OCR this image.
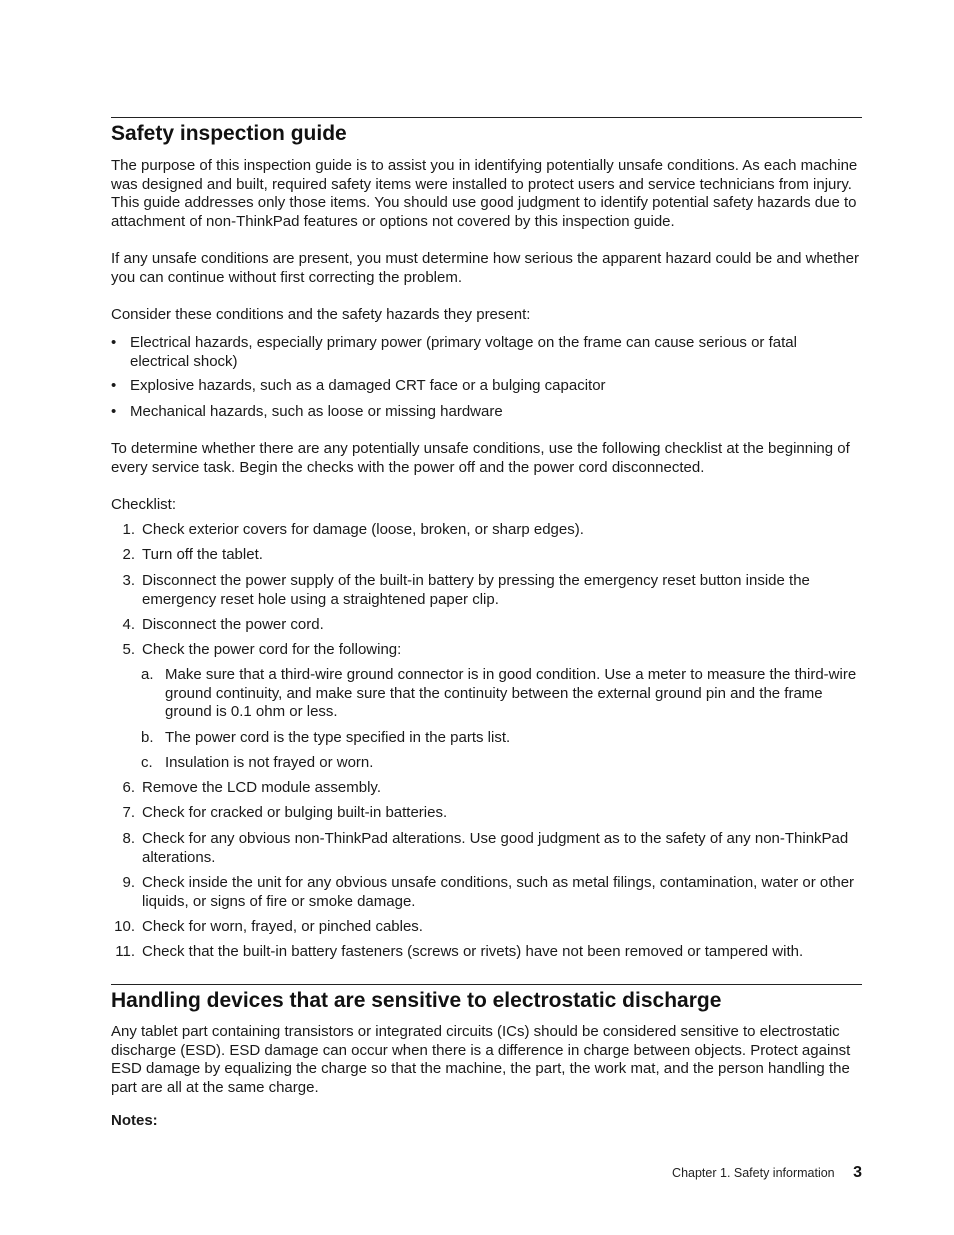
Safety inspection guide

The purpose of this inspection guide is to assist you in identifying potentially unsafe conditions. As each machine was designed and built, required safety items were installed to protect users and service technicians from injury. This guide addresses only those items. You should use good judgment to identify potential safety hazards due to attachment of non-ThinkPad features or options not covered by this inspection guide.

If any unsafe conditions are present, you must determine how serious the apparent hazard could be and whether you can continue without first correcting the problem.

Consider these conditions and the safety hazards they present:

• Electrical hazards, especially primary power (primary voltage on the frame can cause serious or fatal electrical shock)
• Explosive hazards, such as a damaged CRT face or a bulging capacitor
• Mechanical hazards, such as loose or missing hardware

To determine whether there are any potentially unsafe conditions, use the following checklist at the beginning of every service task. Begin the checks with the power off and the power cord disconnected.

Checklist:

1. Check exterior covers for damage (loose, broken, or sharp edges).
2. Turn off the tablet.
3. Disconnect the power supply of the built-in battery by pressing the emergency reset button inside the emergency reset hole using a straightened paper clip.
4. Disconnect the power cord.
5. Check the power cord for the following:
a. Make sure that a third-wire ground connector is in good condition. Use a meter to measure the third-wire ground continuity, and make sure that the continuity between the external ground pin and the frame ground is 0.1 ohm or less.
b. The power cord is the type specified in the parts list.
c. Insulation is not frayed or worn.
6. Remove the LCD module assembly.
7. Check for cracked or bulging built-in batteries.
8. Check for any obvious non-ThinkPad alterations. Use good judgment as to the safety of any non-ThinkPad alterations.
9. Check inside the unit for any obvious unsafe conditions, such as metal filings, contamination, water or other liquids, or signs of fire or smoke damage.
10. Check for worn, frayed, or pinched cables.
11. Check that the built-in battery fasteners (screws or rivets) have not been removed or tampered with.
Handling devices that are sensitive to electrostatic discharge

Any tablet part containing transistors or integrated circuits (ICs) should be considered sensitive to electrostatic discharge (ESD). ESD damage can occur when there is a difference in charge between objects. Protect against ESD damage by equalizing the charge so that the machine, the part, the work mat, and the person handling the part are all at the same charge.

Notes:

Chapter 1. Safety information 3
